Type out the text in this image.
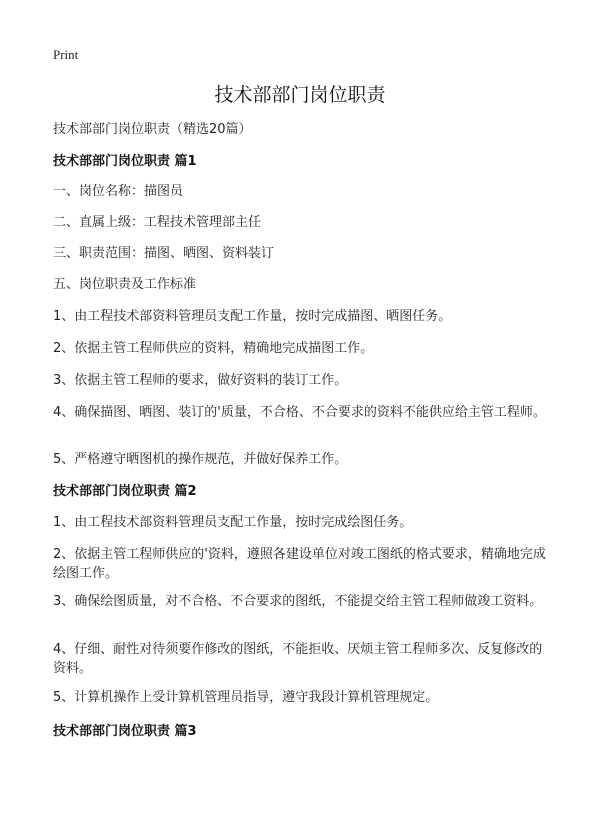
Print
技术部部门岗位职责
技术部部门岗位职责（精选20篇）
技术部部门岗位职责 篇1
一、岗位名称：描图员
二、直属上级：工程技术管理部主任
三、职责范围：描图、晒图、资料装订
五、岗位职责及工作标准
1、由工程技术部资料管理员支配工作量，按时完成描图、晒图任务。
2、依据主管工程师供应的资料，精确地完成描图工作。
3、依据主管工程师的要求，做好资料的装订工作。
4、确保描图、晒图、装订的'质量，不合格、不合要求的资料不能供应给主管工程师。
5、严格遵守晒图机的操作规范，并做好保养工作。
技术部部门岗位职责 篇2
1、由工程技术部资料管理员支配工作量，按时完成绘图任务。
2、依据主管工程师供应的'资料，遵照各建设单位对竣工图纸的格式要求，精确地完成绘图工作。
3、确保绘图质量，对不合格、不合要求的图纸，不能提交给主管工程师做竣工资料。
4、仔细、耐性对待须要作修改的图纸，不能拒收、厌烦主管工程师多次、反复修改的资料。
5、计算机操作上受计算机管理员指导，遵守我段计算机管理规定。
技术部部门岗位职责 篇3
